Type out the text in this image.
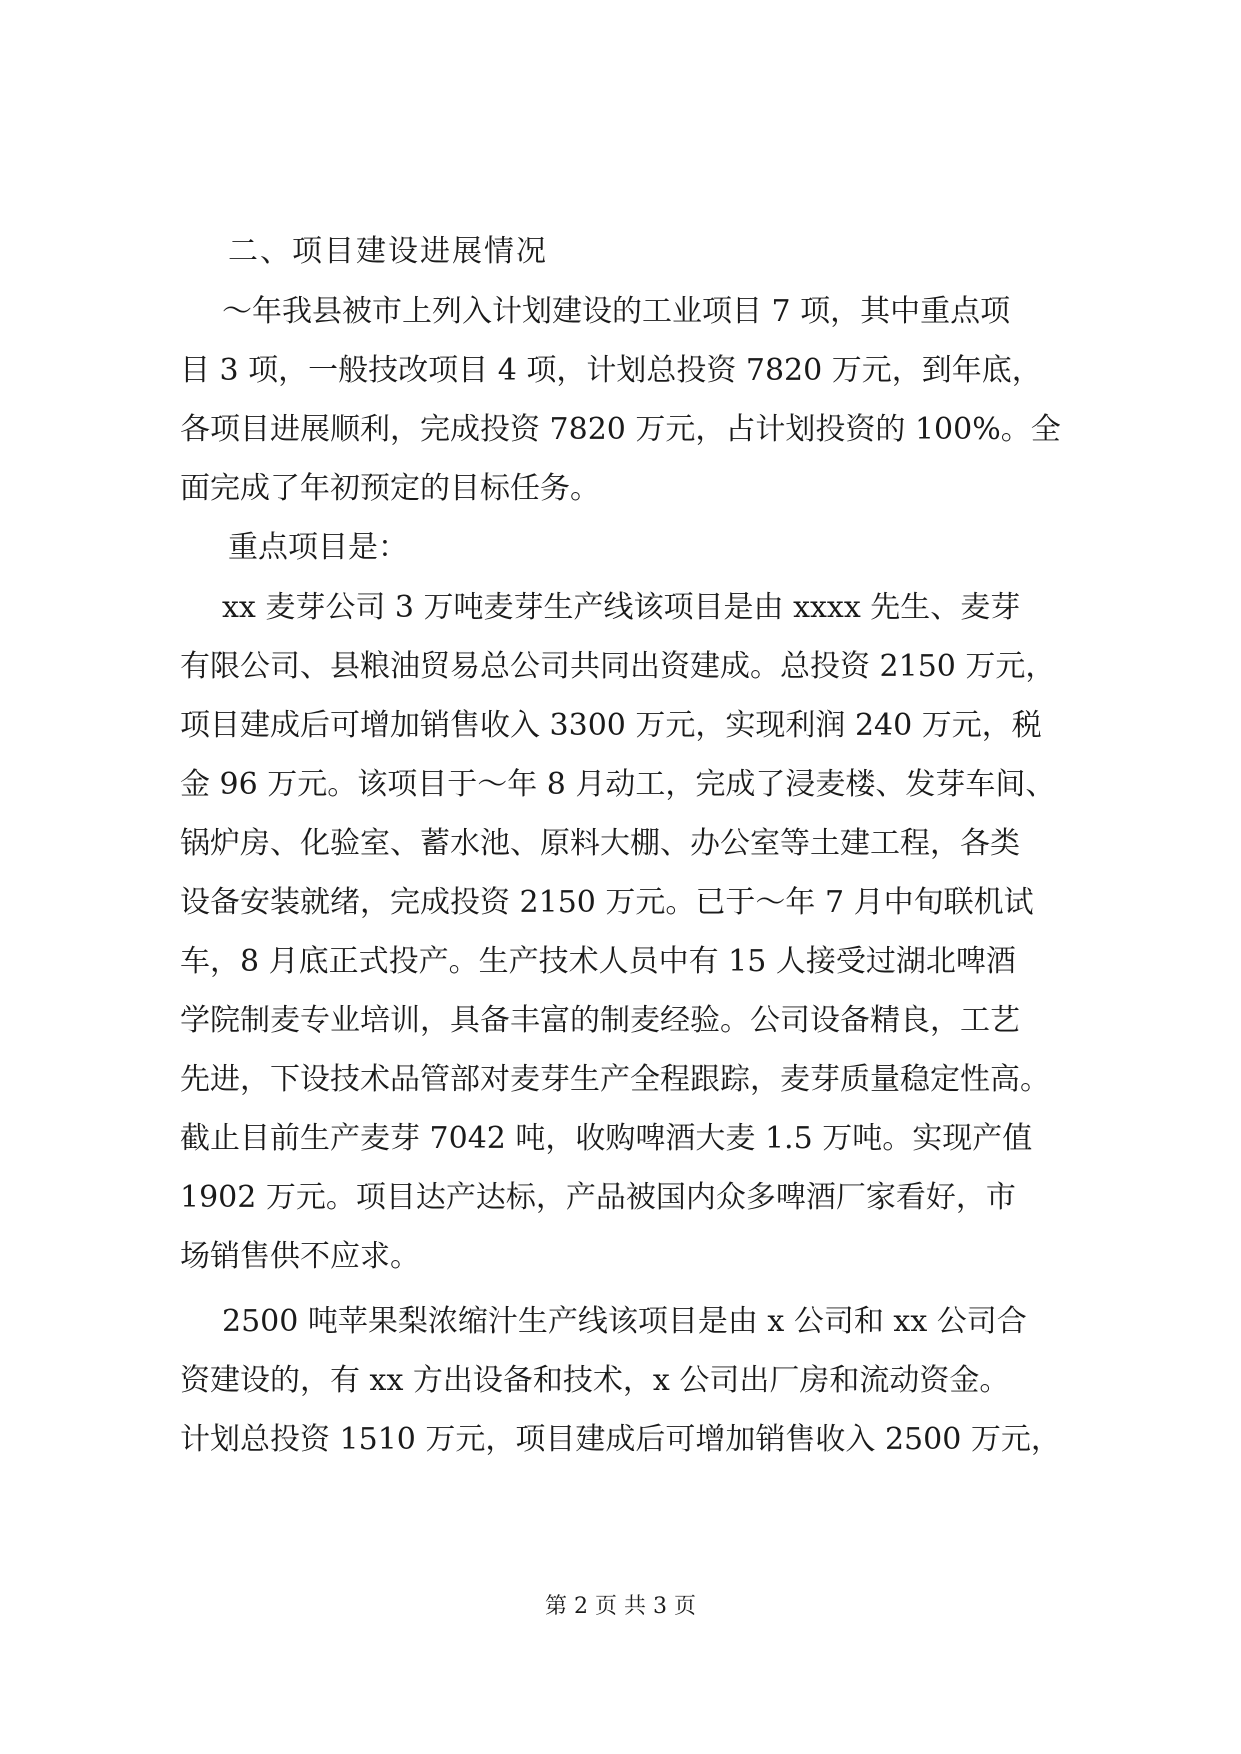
二、项目建设进展情况
～年我县被市上列入计划建设的工业项目 7 项，其中重点项
目 3 项，一般技改项目 4 项，计划总投资 7820 万元，到年底，
各项目进展顺利，完成投资 7820 万元，占计划投资的 100%。全
面完成了年初预定的目标任务。
重点项目是：
xx 麦芽公司 3 万吨麦芽生产线该项目是由 xxxx 先生、麦芽
有限公司、县粮油贸易总公司共同出资建成。总投资 2150 万元，
项目建成后可增加销售收入 3300 万元，实现利润 240 万元，税
金 96 万元。该项目于～年 8 月动工，完成了浸麦楼、发芽车间、
锅炉房、化验室、蓄水池、原料大棚、办公室等土建工程，各类
设备安装就绪，完成投资 2150 万元。已于～年 7 月中旬联机试
车，8 月底正式投产。生产技术人员中有 15 人接受过湖北啤酒
学院制麦专业培训，具备丰富的制麦经验。公司设备精良，工艺
先进，下设技术品管部对麦芽生产全程跟踪，麦芽质量稳定性高。
截止目前生产麦芽 7042 吨，收购啤酒大麦 1.5 万吨。实现产值
1902 万元。项目达产达标，产品被国内众多啤酒厂家看好，市
场销售供不应求。
2500 吨苹果梨浓缩汁生产线该项目是由 x 公司和 xx 公司合
资建设的，有 xx 方出设备和技术，x 公司出厂房和流动资金。
计划总投资 1510 万元，项目建成后可增加销售收入 2500 万元，
第 2 页 共 3 页
